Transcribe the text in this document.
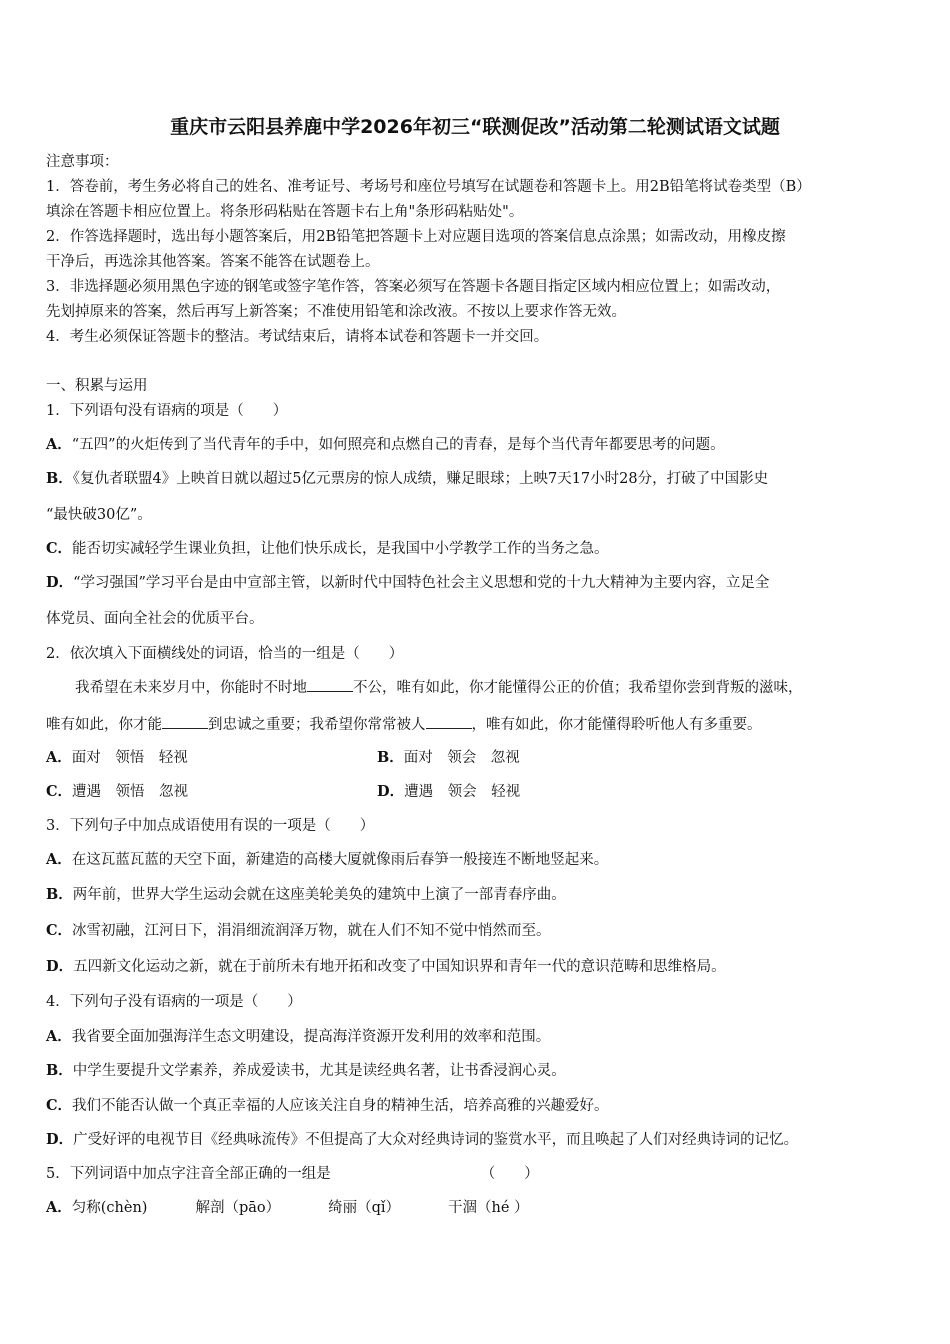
重庆市云阳县养鹿中学2026年初三“联测促改”活动第二轮测试语文试题
注意事项：
1．答卷前，考生务必将自己的姓名、准考证号、考场号和座位号填写在试题卷和答题卡上。用2B铅笔将试卷类型（B）
填涂在答题卡相应位置上。将条形码粘贴在答题卡右上角"条形码粘贴处"。
2．作答选择题时，选出每小题答案后，用2B铅笔把答题卡上对应题目选项的答案信息点涂黑；如需改动，用橡皮擦
干净后，再选涂其他答案。答案不能答在试题卷上。
3．非选择题必须用黑色字迹的钢笔或签字笔作答，答案必须写在答题卡各题目指定区域内相应位置上；如需改动，
先划掉原来的答案，然后再写上新答案；不准使用铅笔和涂改液。不按以上要求作答无效。
4．考生必须保证答题卡的整洁。考试结束后，请将本试卷和答题卡一并交回。
一、积累与运用
1．下列语句没有语病的项是（　　）
A．“五四”的火炬传到了当代青年的手中，如何照亮和点燃自己的青春，是每个当代青年都要思考的问题。
B．《复仇者联盟4》上映首日就以超过5亿元票房的惊人成绩，赚足眼球；上映7天17小时28分，打破了中国影史
“最快破30亿”。
C．能否切实减轻学生课业负担，让他们快乐成长，是我国中小学教学工作的当务之急。
D．“学习强国”学习平台是由中宣部主管，以新时代中国特色社会主义思想和党的十九大精神为主要内容，立足全
体党员、面向全社会的优质平台。
2．依次填入下面横线处的词语，恰当的一组是（　　）
　　我希望在未来岁月中，你能时不时地	不公，唯有如此，你才能懂得公正的价值；我希望你尝到背叛的滋味，
唯有如此，你才能	到忠诚之重要；我希望你常常被人	，唯有如此，你才能懂得聆听他人有多重要。
A．面对　领悟　轻视	B．面对　领会　忽视
C．遭遇　领悟　忽视	D．遭遇　领会　轻视
3．下列句子中加点成语使用有误的一项是（　　）
A．在这瓦蓝瓦蓝的天空下面，新建造的高楼大厦就像雨后春笋一般接连不断地竖起来。
B．两年前，世界大学生运动会就在这座美轮美奂的建筑中上演了一部青春序曲。
C．冰雪初融，江河日下，涓涓细流润泽万物，就在人们不知不觉中悄然而至。
D．五四新文化运动之新，就在于前所未有地开拓和改变了中国知识界和青年一代的意识范畴和思维格局。
4．下列句子没有语病的一项是（　　）
A．我省要全面加强海洋生态文明建设，提高海洋资源开发利用的效率和范围。
B．中学生要提升文学素养，养成爱读书，尤其是读经典名著，让书香浸润心灵。
C．我们不能否认做一个真正幸福的人应该关注自身的精神生活，培养高雅的兴趣爱好。
D．广受好评的电视节目《经典咏流传》不但提高了大众对经典诗词的鉴赏水平，而且唤起了人们对经典诗词的记忆。
5．下列词语中加点字注音全部正确的一组是	（　　）
A．匀称(chèn)	解剖（pāo）	绮丽（qǐ）	干涸（hé ）
